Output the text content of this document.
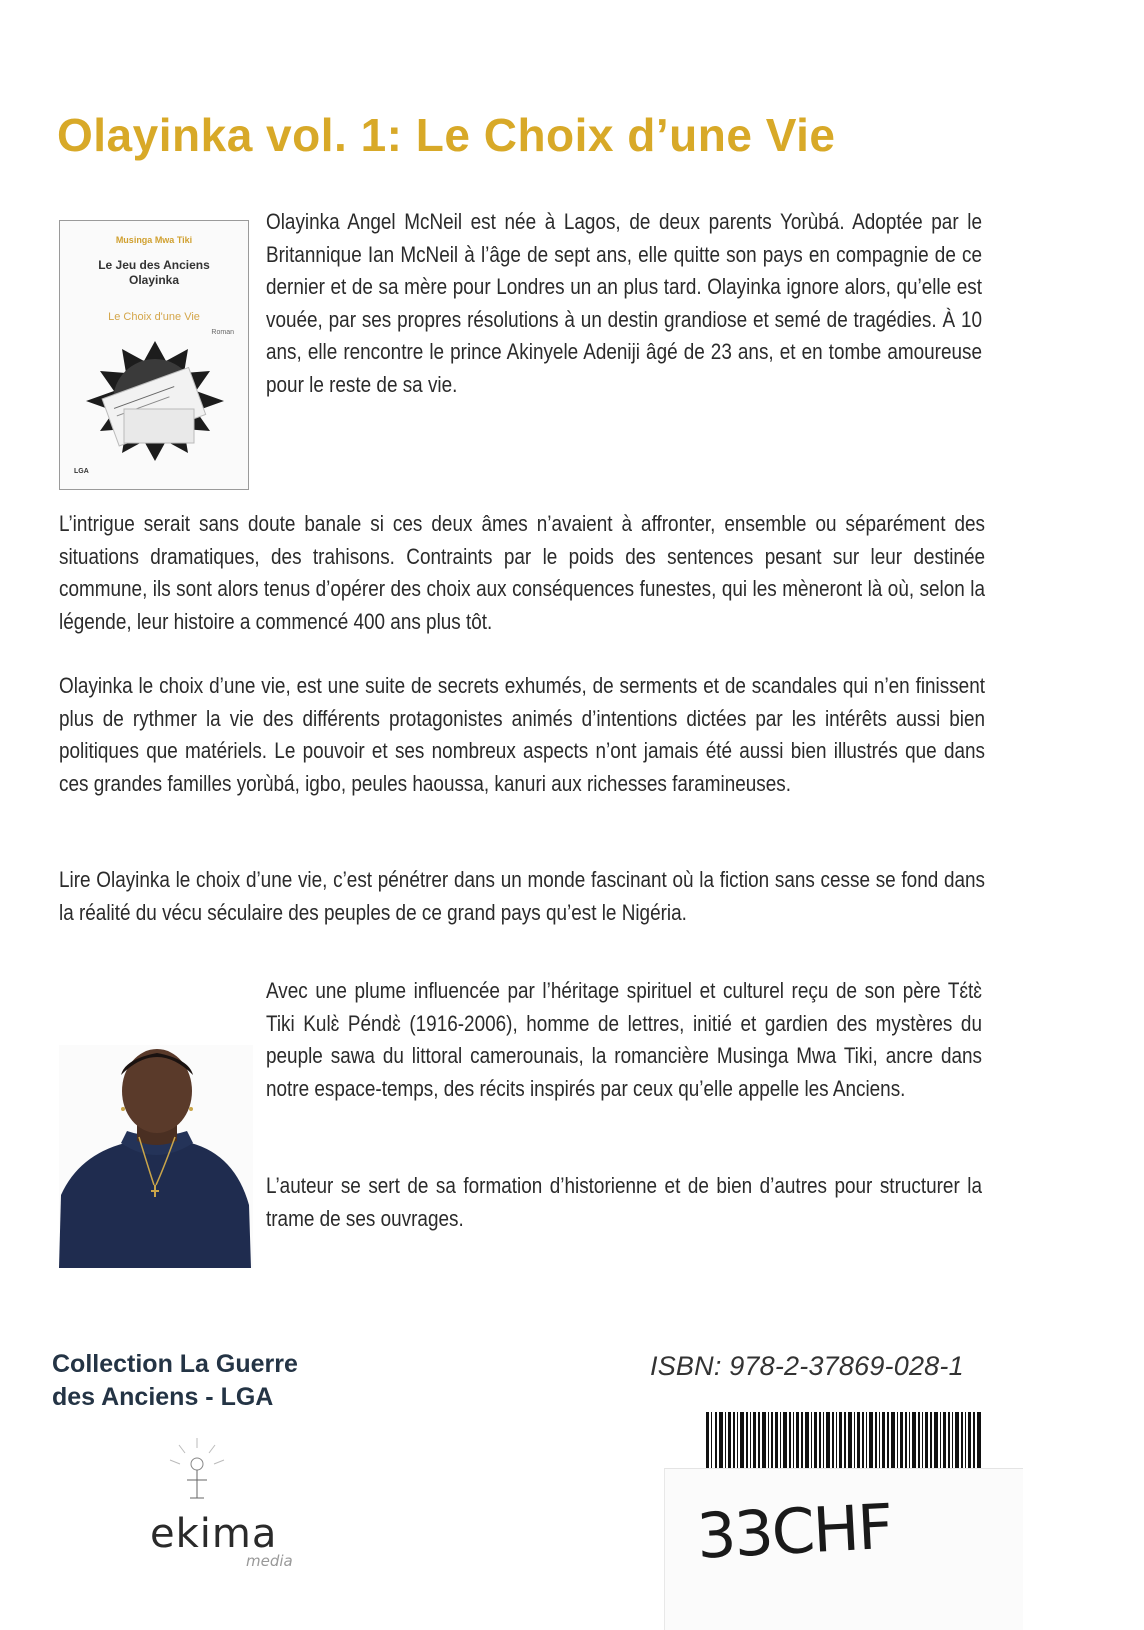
Olayinka vol. 1: Le Choix d’une Vie
Musinga Mwa Tiki
Le Jeu des Anciens
Olayinka
Le Choix d'une Vie
Roman
LGA

Olayinka Angel McNeil est née à Lagos, de deux parents Yorùbá. Adoptée par le Britannique Ian McNeil à l’âge de sept ans, elle quitte son pays en compagnie de ce dernier et de sa mère pour Londres un an plus tard. Olayinka ignore alors, qu’elle est vouée, par ses propres résolutions à un destin grandiose et semé de tragédies. À 10 ans, elle rencontre le prince Akinyele Adeniji âgé de 23 ans, et en tombe amoureuse pour le reste de sa vie.

L’intrigue serait sans doute banale si ces deux âmes n’avaient à affronter, ensemble ou séparément des situations dramatiques, des trahisons. Contraints par le poids des sentences pesant sur leur destinée commune, ils sont alors tenus d’opérer des choix aux conséquences funestes, qui les mèneront là où, selon la légende, leur histoire a commencé 400 ans plus tôt.

Olayinka le choix d’une vie, est une suite de secrets exhumés, de serments et de scandales qui n’en finissent plus de rythmer la vie des différents protagonistes animés d’intentions dictées par les intérêts aussi bien politiques que matériels. Le pouvoir et ses nombreux aspects n’ont jamais été aussi bien illustrés que dans ces grandes familles yorùbá, igbo, peules haoussa, kanuri aux richesses faramineuses.

Lire Olayinka le choix d’une vie, c’est pénétrer dans un monde fascinant où la fiction sans cesse se fond dans la réalité du vécu séculaire des peuples de ce grand pays qu’est le Nigéria.

Avec une plume influencée par l’héritage spirituel et culturel reçu de son père Tɛ́tɛ̀ Tiki Kulɛ̀ Péndɛ̀ (1916-2006), homme de lettres, initié et gardien des mystères du peuple sawa du littoral camerounais, la romancière Musinga Mwa Tiki, ancre dans notre espace-temps, des récits inspirés par ceux qu’elle appelle les Anciens.

L’auteur se sert de sa formation d’historienne et de bien d’autres pour structurer la trame de ses ouvrages.

Collection La Guerre
des Anciens - LGA
ekima
media
ISBN: 978-2-37869-028-1
33CHF
